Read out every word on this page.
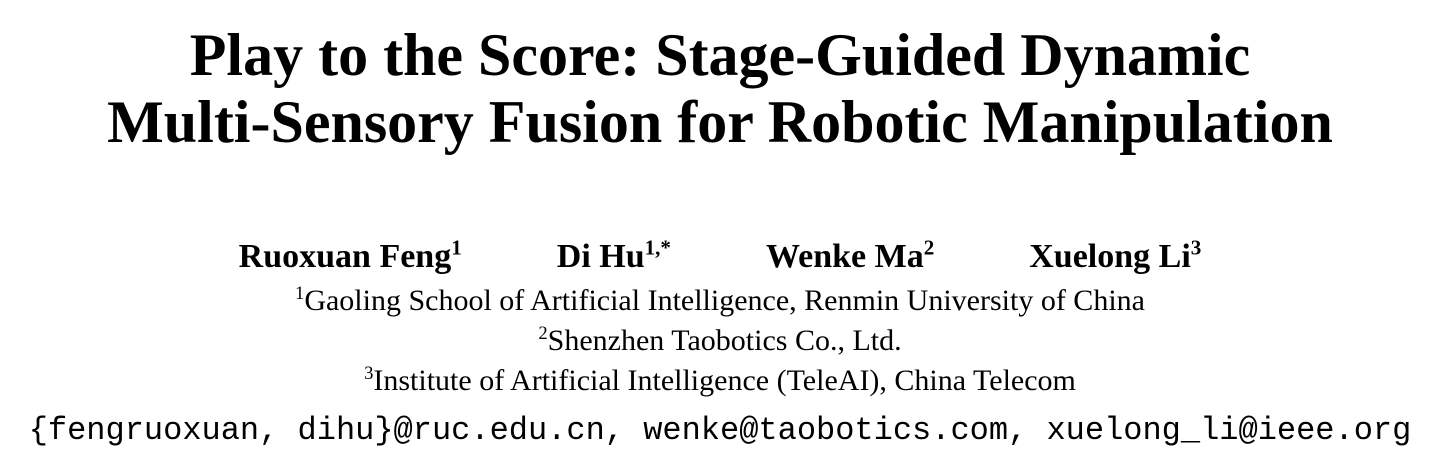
Play to the Score: Stage-Guided Dynamic
Multi-Sensory Fusion for Robotic Manipulation
Ruoxuan Feng$^1$	Di $Hu^{1,*}$	Wenke Ma$^2$	Xuelong Li$^3$
$^1$Gaoling School of Artificial Intelligence, Renmin University of China
$^2$Shenzhen Taobotics Co., Ltd.
$^3$Institute of Artificial Intelligence (TeleAI), China Telecom
{fengruoxuan, dihu}@ruc.edu.cn, wenke@taobotics.com, xuelong_li@ieee.org
